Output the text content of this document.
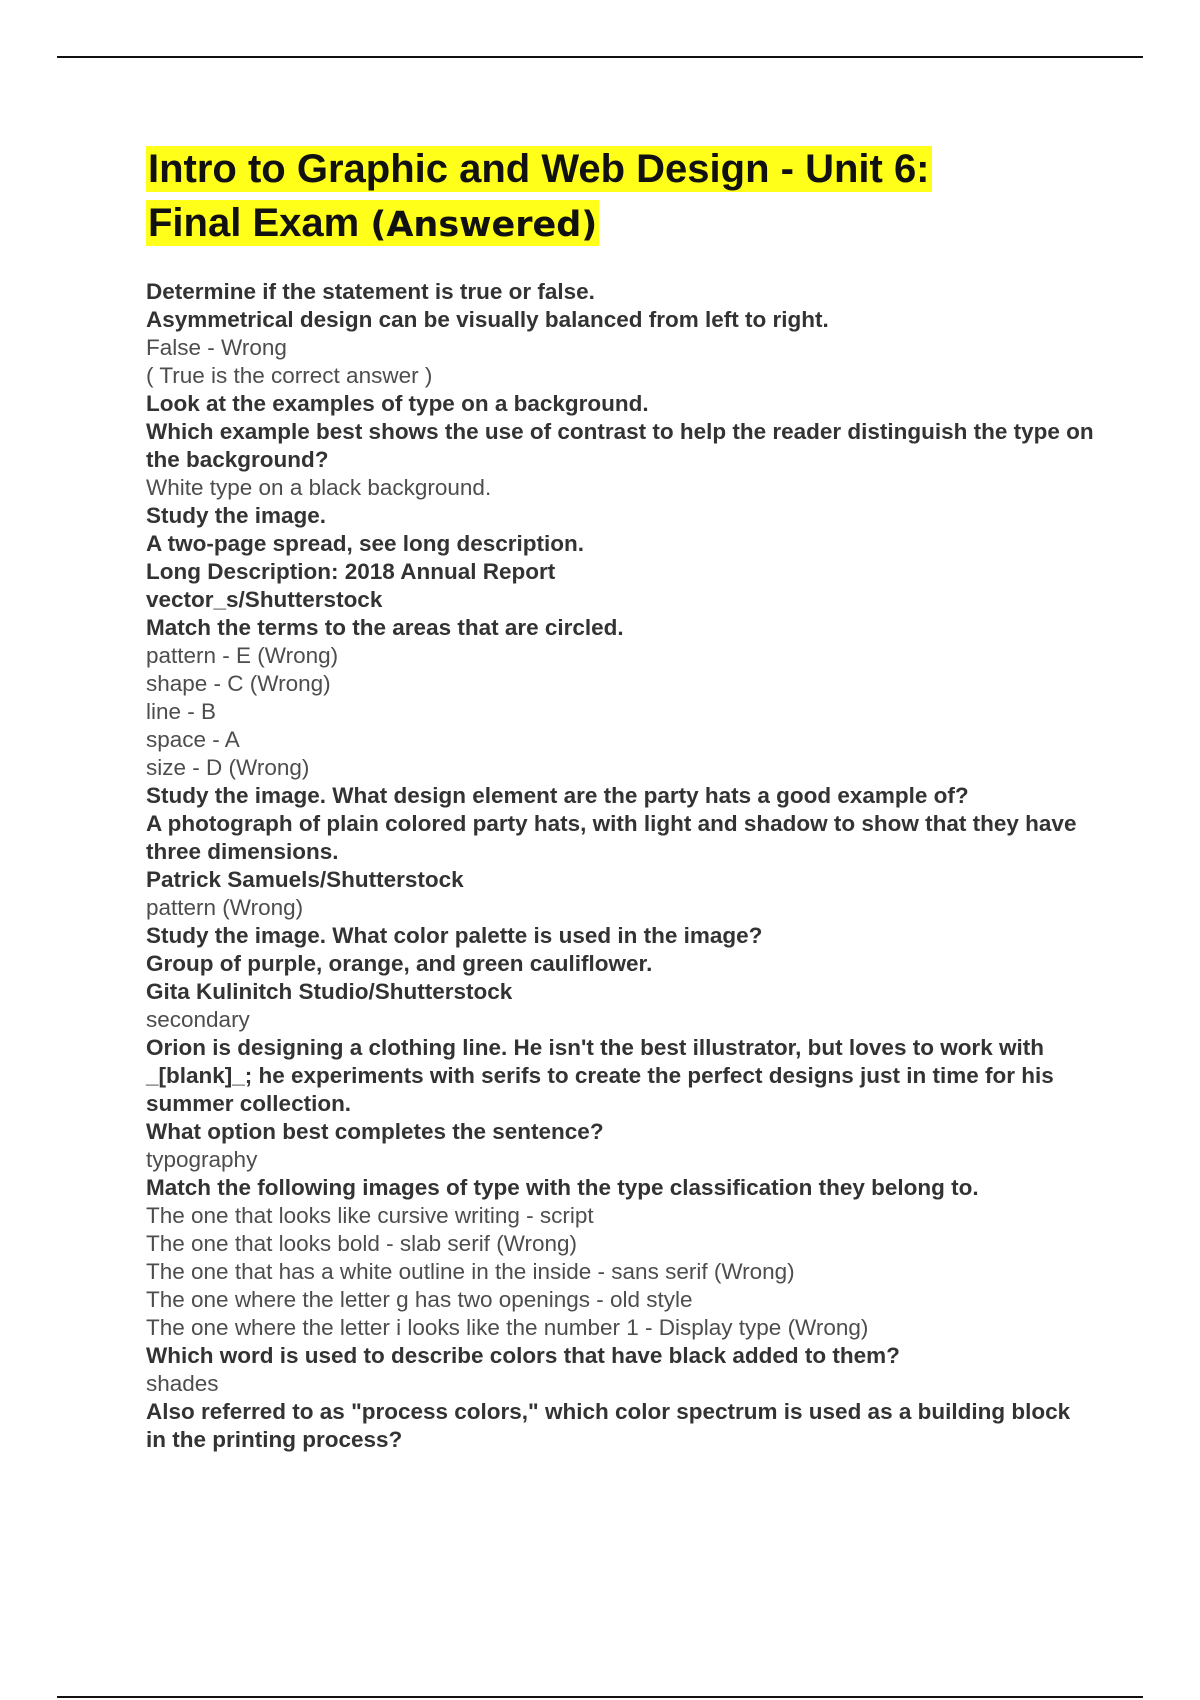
Intro to Graphic and Web Design - Unit 6:
Final Exam (Answered)
Determine if the statement is true or false.
Asymmetrical design can be visually balanced from left to right.
False - Wrong
( True is the correct answer )
Look at the examples of type on a background.
Which example best shows the use of contrast to help the reader distinguish the type on the background?
White type on a black background.
Study the image.
A two-page spread, see long description.
Long Description: 2018 Annual Report
vector_s/Shutterstock
Match the terms to the areas that are circled.
pattern - E (Wrong)
shape - C (Wrong)
line - B
space - A
size - D (Wrong)
Study the image. What design element are the party hats a good example of?
A photograph of plain colored party hats, with light and shadow to show that they have three dimensions.
Patrick Samuels/Shutterstock
pattern (Wrong)
Study the image. What color palette is used in the image?
Group of purple, orange, and green cauliflower.
Gita Kulinitch Studio/Shutterstock
secondary
Orion is designing a clothing line. He isn't the best illustrator, but loves to work with _[blank]_; he experiments with serifs to create the perfect designs just in time for his summer collection.
What option best completes the sentence?
typography
Match the following images of type with the type classification they belong to.
The one that looks like cursive writing - script
The one that looks bold - slab serif (Wrong)
The one that has a white outline in the inside - sans serif (Wrong)
The one where the letter g has two openings - old style
The one where the letter i looks like the number 1 - Display type (Wrong)
Which word is used to describe colors that have black added to them?
shades
Also referred to as "process colors," which color spectrum is used as a building block in the printing process?
